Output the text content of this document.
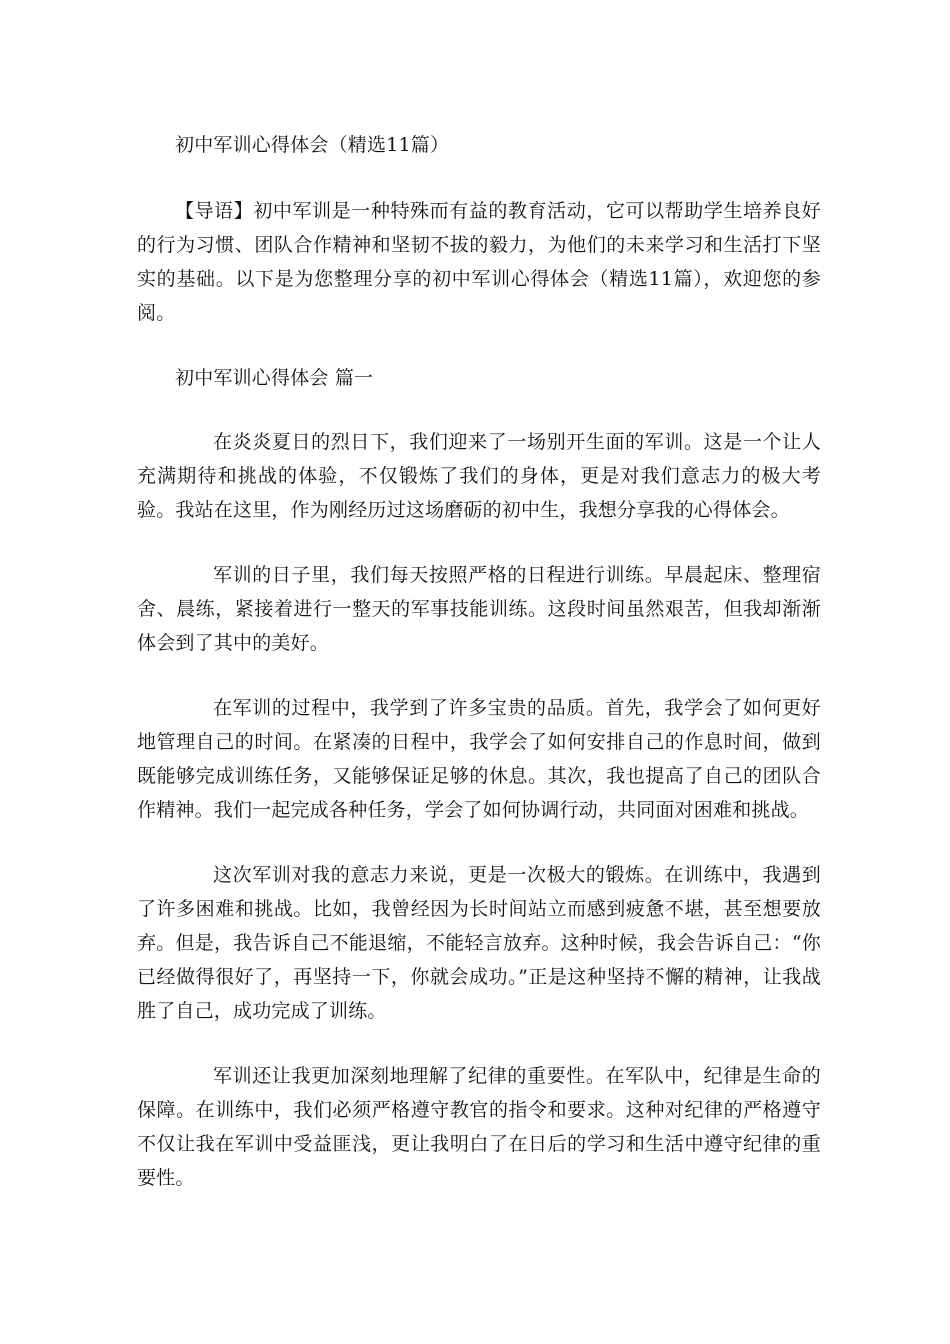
初中军训心得体会（精选11篇）

【导语】初中军训是一种特殊而有益的教育活动，它可以帮助学生培养良好的行为习惯、团队合作精神和坚韧不拔的毅力，为他们的未来学习和生活打下坚实的基础。以下是为您整理分享的初中军训心得体会（精选11篇），欢迎您的参阅。

初中军训心得体会 篇一

在炎炎夏日的烈日下，我们迎来了一场别开生面的军训。这是一个让人充满期待和挑战的体验，不仅锻炼了我们的身体，更是对我们意志力的极大考验。我站在这里，作为刚经历过这场磨砺的初中生，我想分享我的心得体会。

军训的日子里，我们每天按照严格的日程进行训练。早晨起床、整理宿舍、晨练，紧接着进行一整天的军事技能训练。这段时间虽然艰苦，但我却渐渐体会到了其中的美好。

在军训的过程中，我学到了许多宝贵的品质。首先，我学会了如何更好地管理自己的时间。在紧凑的日程中，我学会了如何安排自己的作息时间，做到既能够完成训练任务，又能够保证足够的休息。其次，我也提高了自己的团队合作精神。我们一起完成各种任务，学会了如何协调行动，共同面对困难和挑战。

这次军训对我的意志力来说，更是一次极大的锻炼。在训练中，我遇到了许多困难和挑战。比如，我曾经因为长时间站立而感到疲惫不堪，甚至想要放弃。但是，我告诉自己不能退缩，不能轻言放弃。这种时候，我会告诉自己：“你已经做得很好了，再坚持一下，你就会成功。”正是这种坚持不懈的精神，让我战胜了自己，成功完成了训练。

军训还让我更加深刻地理解了纪律的重要性。在军队中，纪律是生命的保障。在训练中，我们必须严格遵守教官的指令和要求。这种对纪律的严格遵守不仅让我在军训中受益匪浅，更让我明白了在日后的学习和生活中遵守纪律的重要性。
